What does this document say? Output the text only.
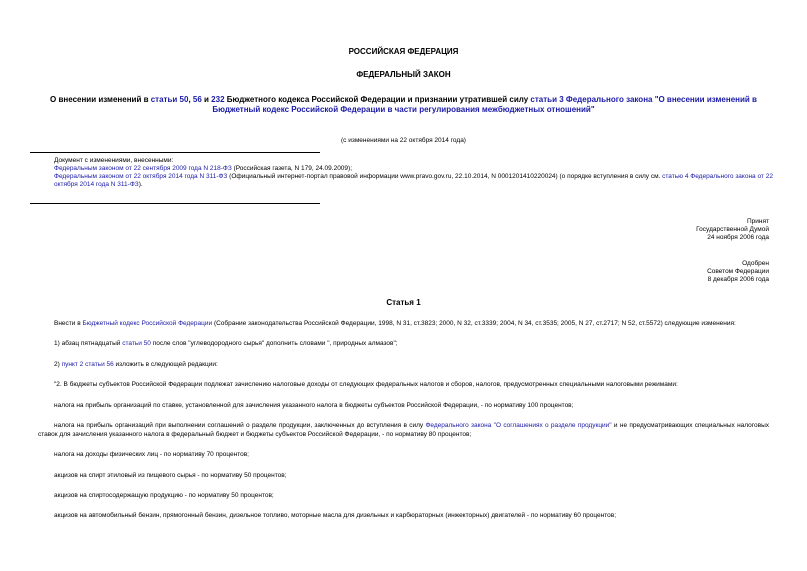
РОССИЙСКАЯ ФЕДЕРАЦИЯ
ФЕДЕРАЛЬНЫЙ ЗАКОН
О внесении изменений в статьи 50, 56 и 232 Бюджетного кодекса Российской Федерации и признании утратившей силу статьи 3 Федерального закона "О внесении изменений в Бюджетный кодекс Российской Федерации в части регулирования межбюджетных отношений"
(с изменениями на 22 октября 2014 года)
Документ с изменениями, внесенными:
Федеральным законом от 22 сентября 2009 года N 218-ФЗ (Российская газета, N 179, 24.09.2009);
Федеральным законом от 22 октября 2014 года N 311-ФЗ (Официальный интернет-портал правовой информации www.pravo.gov.ru, 22.10.2014, N 0001201410220024) (о порядке вступления в силу см. статью 4 Федерального закона от 22 октября 2014 года N 311-ФЗ).
Принят
Государственной Думой
24 ноября 2006 года
Одобрен
Советом Федерации
8 декабря 2006 года
Статья 1

Внести в Бюджетный кодекс Российской Федерации (Собрание законодательства Российской Федерации, 1998, N 31, ст.3823; 2000, N 32, ст.3339; 2004, N 34, ст.3535; 2005, N 27, ст.2717; N 52, ст.5572) следующие изменения:

1) абзац пятнадцатый статьи 50 после слов "углеводородного сырья" дополнить словами ", природных алмазов";

2) пункт 2 статьи 56 изложить в следующей редакции:

"2. В бюджеты субъектов Российской Федерации подлежат зачислению налоговые доходы от следующих федеральных налогов и сборов, налогов, предусмотренных специальными налоговыми режимами:

налога на прибыль организаций по ставке, установленной для зачисления указанного налога в бюджеты субъектов Российской Федерации, - по нормативу 100 процентов;

налога на прибыль организаций при выполнении соглашений о разделе продукции, заключенных до вступления в силу Федерального закона "О соглашениях о разделе продукции" и не предусматривающих специальных налоговых ставок для зачисления указанного налога в федеральный бюджет и бюджеты субъектов Российской Федерации, - по нормативу 80 процентов;

налога на доходы физических лиц - по нормативу 70 процентов;

акцизов на спирт этиловый из пищевого сырья - по нормативу 50 процентов;

акцизов на спиртосодержащую продукцию - по нормативу 50 процентов;

акцизов на автомобильный бензин, прямогонный бензин, дизельное топливо, моторные масла для дизельных и карбюраторных (инжекторных) двигателей - по нормативу 60 процентов;
